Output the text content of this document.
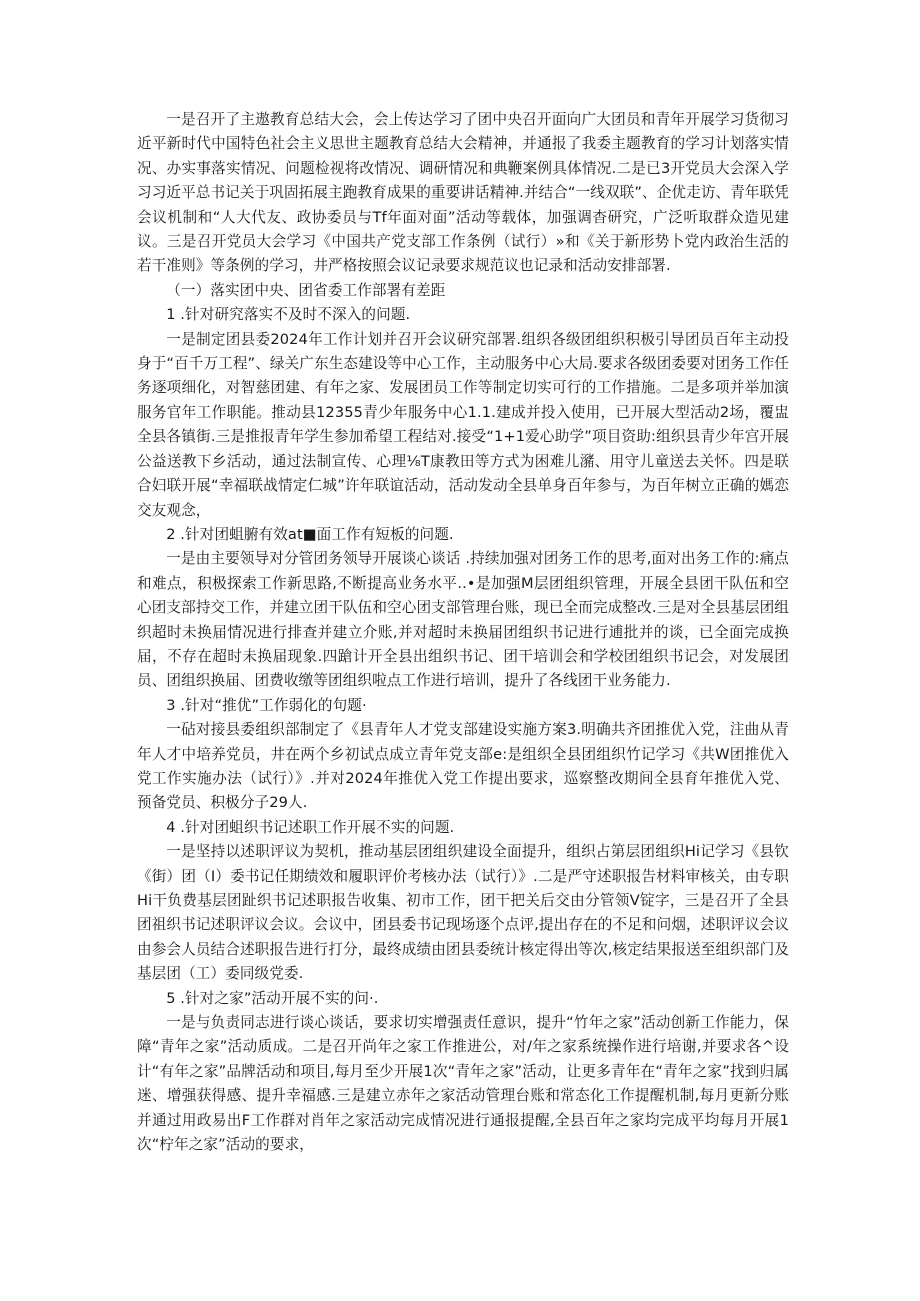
一是召开了主遨教育总结大会，会上传达学习了团中央召开面向广大团员和青年开展学习货彻习近平新时代中国特色社会主义思世主题教育总结大会精神，并通报了我委主题教育的学习计划落实情况、办实事落实情况、问题检视将改情况、调研情况和典鞭案例具体情况.二是已3开党员大会深入学习习近平总书记关于巩固拓展主跑教育成果的重要讲话精神.并结合“一线双联”、企优走访、青年联凭会议机制和“人大代友、政协委员与Tf年面对面”活动等载体，加强调杳研究，广泛听取群众造见建议。三是召开党员大会学习《中国共产党支部工作条例（试行）»和《关于新形势卜党内政治生活的若干准则》等条例的学习，井严格按照会议记录要求规范议也记录和活动安排部署.

（一）落实团中央、团省委工作部署有差距

1 .针对研究落实不及时不深入的问题.

一是制定团县委2024年工作计划并召开会议研究部署.组织各级团组织积极引导团员百年主动投身于“百千万工程”、绿关广东生态建设等中心工作，主动服务中心大局.要求各级团委要对团务工作任务逐项细化，对智慈团建、有年之家、发展团员工作等制定切实可行的工作措施。二是多项并举加演服务官年工作职能。推动县12355青少年服务中心1.1.建成并投入使用，已开展大型活动2场，覆盅全县各镇街.三是推报青年学生参加希望工程结对.接受“1+1爱心助学”项目资助:组织县青少年宫开展公益送教下乡活动，通过法制宣传、心理⅛T康教田等方式为困难儿瀦、用守儿童送去关怀。四是联合妇联开展“幸福联战情定仁城”许年联谊活动，活动发动全县单身百年参与，为百年树立正确的媽恋交友观念，

2 .针对团蛆腑有效at■面工作有短板的问题.

一是由主要领导对分管团务领导开展谈心谈话 .持续加强对团务工作的思考,面对出务工作的:痛点和难点，积极探索工作新思路,不断提高业务水平..•是加强M层团组织管理，开展全县团干队伍和空心团支部持交工作，并建立团干队伍和空心团支部管理台账，现已全而完成整改.三是对全县基层团组织超时未换届情况进行排查并建立介账,并对超时未换届团组织书记进行逋批并的谈，已全面完成换届，不存在超时未换届现象.四蹌计开全县出组织书记、团干培训会和学校团组织书记会，对发展团员、团组织换届、团费收缴等团组织啦点工作进行培训，提升了各线团干业务能力.

3 .针对“推优”工作弱化的句题·

一砧对接县委组织部制定了《县青年人才党支部建设实施方案3.明确共齐团推优入党，注曲从青年人才中培养党员，井在两个乡初试点成立青年党支部e:是组织全县团组织竹记学习《共W团推优入党工作实施办法（试行）》.并对2024年推优入党工作提出要求，巡察整改期间全县育年推优入党、预备党员、积极分子29人.

4 .针对团蛆织书记述职工作开展不实的问题.

一是坚持以述职评议为契机，推动基层团组织建设全面提升，组织占第层团组织Hi记学习《县钦《街）团（I）委书记任期绩效和履职评价考核办法（试行）》.二是严守述职报告材料审核关，由专职Hi干负费基层团趾织书记述职报告收集、初市工作，团干把关后交由分管领V锭字，三是召开了全县团祖织书记述职评议会议。会议中，团县委书记现场逐个点评,提出存在的不足和问烟，述职评议会议由参会人员结合述职报告进行打分，最终成绩由团县委统计核定得出等次,核定结果报送至组织部门及基层团（工）委同级党委.

5 .针对之家”活动开展不实的问·.

一是与负责同志进行谈心谈话，要求切实增强责任意识，提升“竹年之家”活动创新工作能力，保障“青年之家”活动质成。二是召开尚年之家工作推进公，对/年之家系统操作进行培谢,并要求各^设计“有年之家”品牌活动和项目,每月至少开展1次“青年之家”活动，让更多青年在“青年之家”找到归属迷、增强获得感、提升幸福感.三是建立赤年之家活动管理台账和常态化工作提醒机制,每月更新分账并通过用政易出F工作群对肖年之家活动完成情况进行通报提醒,全县百年之家均完成平均每月开展1次“柠年之家”活动的要求，
